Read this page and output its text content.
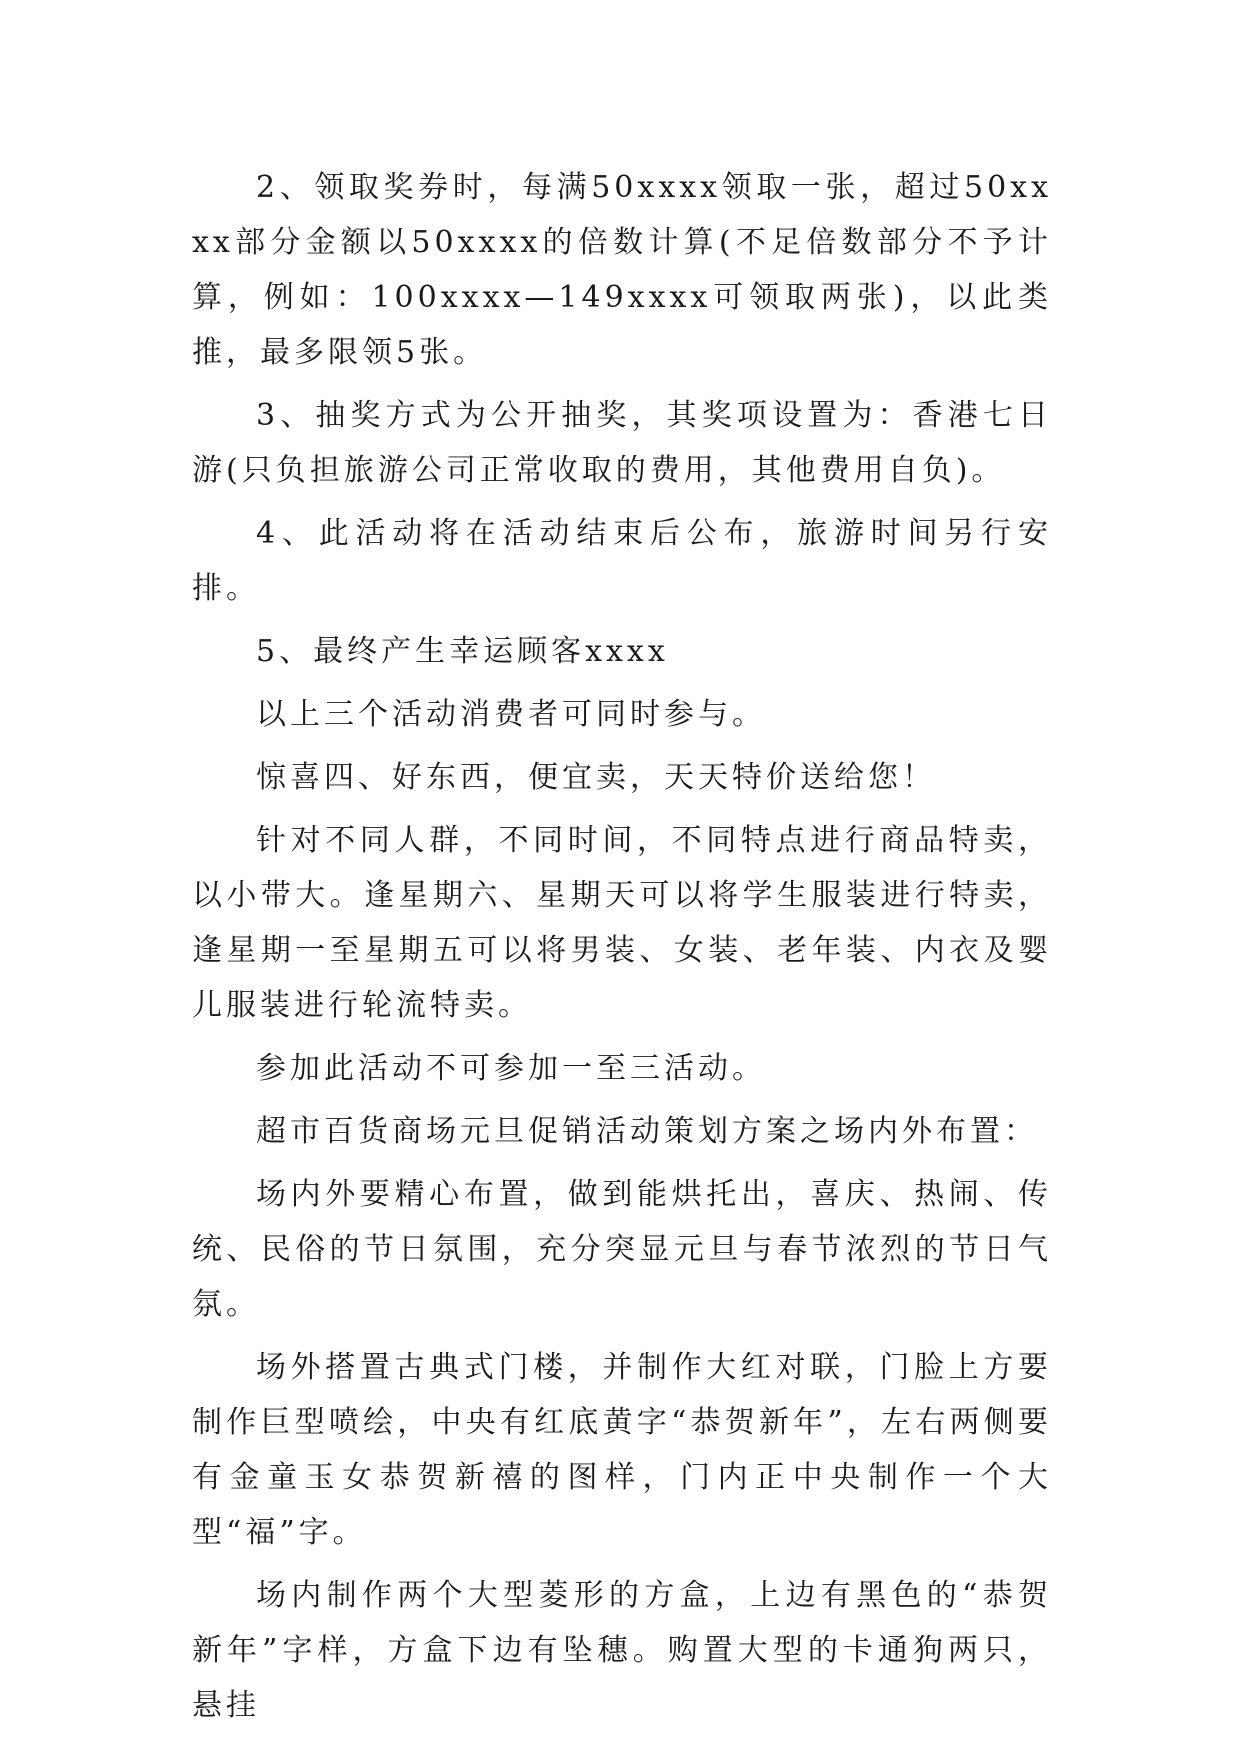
2、领取奖券时，每满50xxxx领取一张，超过50xxxx部分金额以50xxxx的倍数计算(不足倍数部分不予计算，例如：100xxxx—149xxxx可领取两张)，以此类推，最多限领5张。

3、抽奖方式为公开抽奖，其奖项设置为：香港七日游(只负担旅游公司正常收取的费用，其他费用自负)。

4、此活动将在活动结束后公布，旅游时间另行安排。

5、最终产生幸运顾客xxxx

以上三个活动消费者可同时参与。

惊喜四、好东西，便宜卖，天天特价送给您！

针对不同人群，不同时间，不同特点进行商品特卖，以小带大。逢星期六、星期天可以将学生服装进行特卖，逢星期一至星期五可以将男装、女装、老年装、内衣及婴儿服装进行轮流特卖。

参加此活动不可参加一至三活动。

超市百货商场元旦促销活动策划方案之场内外布置：

场内外要精心布置，做到能烘托出，喜庆、热闹、传统、民俗的节日氛围，充分突显元旦与春节浓烈的节日气氛。

场外搭置古典式门楼，并制作大红对联，门脸上方要制作巨型喷绘，中央有红底黄字“恭贺新年”，左右两侧要有金童玉女恭贺新禧的图样，门内正中央制作一个大型“福”字。

场内制作两个大型菱形的方盒，上边有黑色的“恭贺新年”字样，方盒下边有坠穗。购置大型的卡通狗两只，悬挂
